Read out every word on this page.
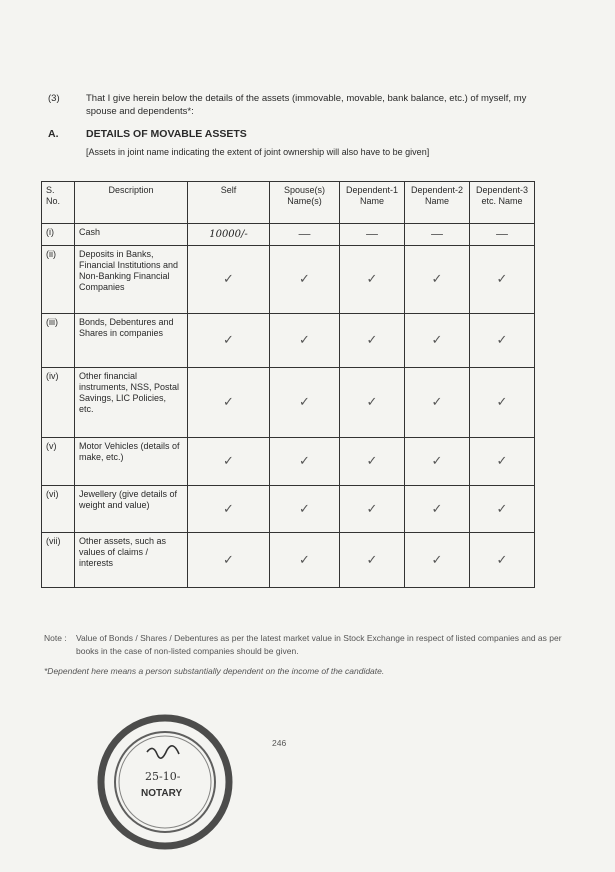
(3)	That I give herein below the details of the assets (immovable, movable, bank balance, etc.) of myself, my spouse and dependents*:
A.	DETAILS OF MOVABLE ASSETS
[Assets in joint name indicating the extent of joint ownership will also have to be given]
S. No.	Description	Self	Spouse(s) Name(s)	Dependent-1 Name	Dependent-2 Name	Dependent-3 etc. Name
(i)	Cash	10000/-	—	—	—	—
(ii)	Deposits in Banks, Financial Institutions and Non-Banking Financial Companies	✓	✓	✓	✓	✓
(iii)	Bonds, Debentures and Shares in companies	✓	✓	✓	✓	✓
(iv)	Other financial instruments, NSS, Postal Savings, LIC Policies, etc.	✓	✓	✓	✓	✓
(v)	Motor Vehicles (details of make, etc.)	✓	✓	✓	✓	✓
(vi)	Jewellery (give details of weight and value)	✓	✓	✓	✓	✓
(vii)	Other assets, such as values of claims / interests	✓	✓	✓	✓	✓
Note : Value of Bonds / Shares / Debentures as per the latest market value in Stock Exchange in respect of listed companies and as per books in the case of non-listed companies should be given.
*Dependent here means a person substantially dependent on the income of the candidate.
246
25-10-
NOTARY
